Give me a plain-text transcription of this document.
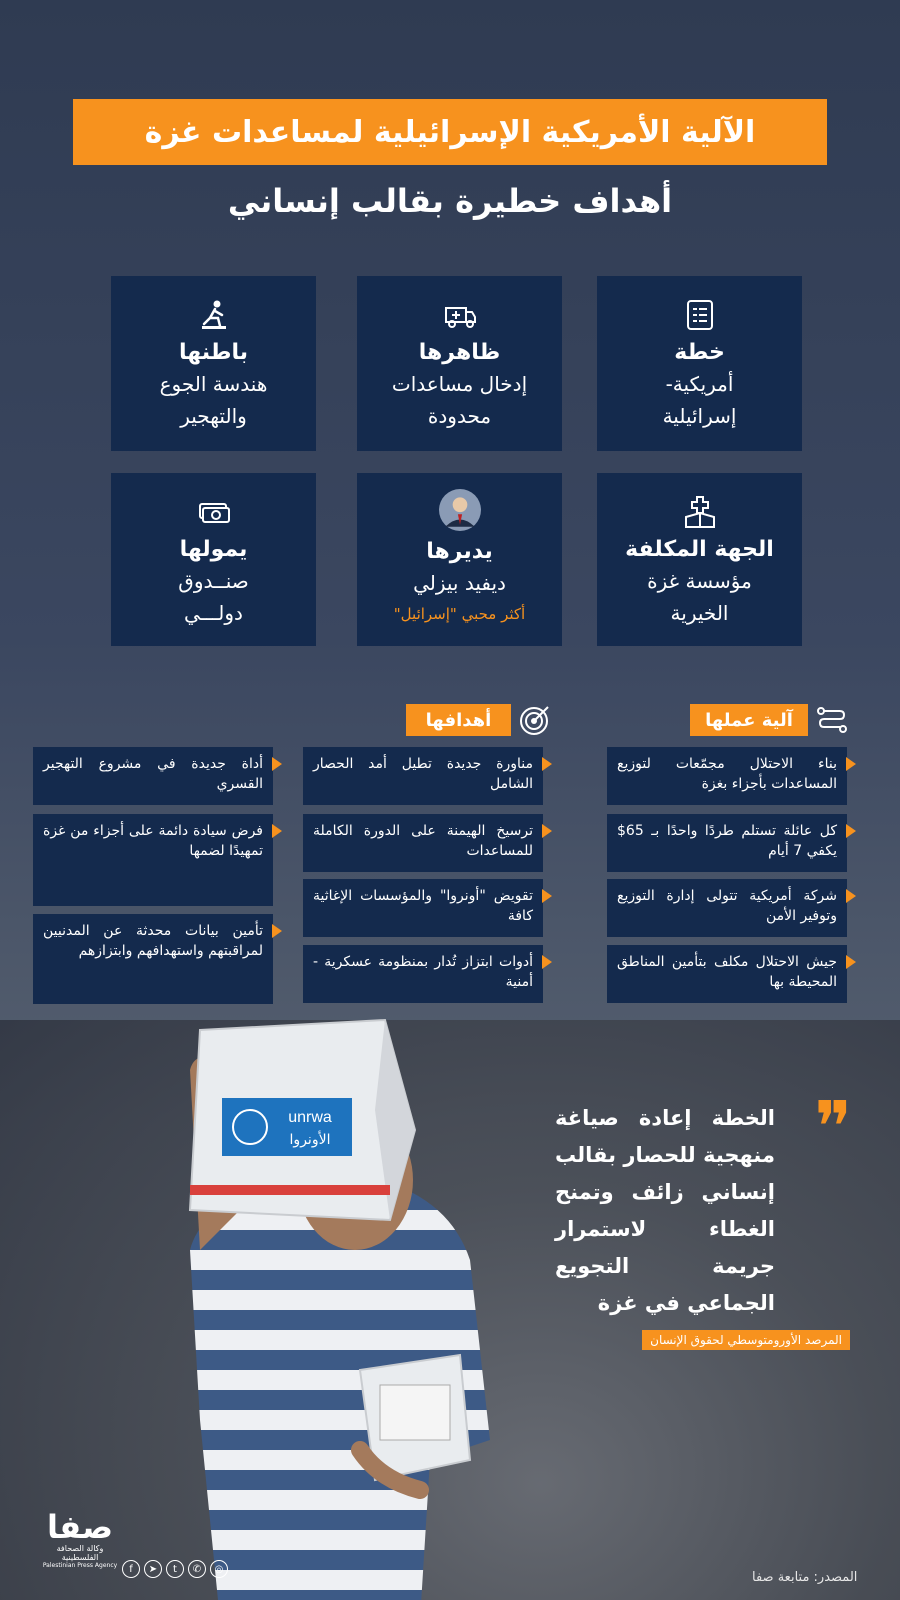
الآلية الأمريكية الإسرائيلية لمساعدات غزة
أهداف خطيرة بقالب إنساني
خطة
أمريكية-
إسرائيلية
ظاهرها
إدخال مساعدات
محدودة
باطنها
هندسة الجوع
والتهجير
الجهة المكلفة
مؤسسة غزة
الخيرية
يديرها
ديفيد بيزلي
أكثر محبي "إسرائيل"
يمولها
صنــدوق
دولـــي
آلية عملها
أهدافها
بناء الاحتلال مجمّعات لتوزيع المساعدات بأجزاء بغزة
كل عائلة تستلم طردًا واحدًا بـ 65$ يكفي 7 أيام
شركة أمريكية تتولى إدارة التوزيع وتوفير الأمن
جيش الاحتلال مكلف بتأمين المناطق المحيطة بها
مناورة جديدة تطيل أمد الحصار الشامل
ترسيخ الهيمنة على الدورة الكاملة للمساعدات
تقويض "أونروا" والمؤسسات الإغاثية كافة
أدوات ابتزاز تُدار بمنظومة عسكرية - أمنية
أداة جديدة في مشروع التهجير القسري
فرض سيادة دائمة على أجزاء من غزة تمهيدًا لضمها
تأمين بيانات محدثة عن المدنيين لمراقبتهم واستهدافهم وابتزازهم
unrwa
الأونروا	❞
الخطة إعادة صياغة منهجية للحصار بقالب إنساني زائف وتمنح الغطاء لاستمرار جريمة التجويع الجماعي في غزة
المرصد الأورومتوسطي لحقوق الإنسان
صفا
وكالة الصحافة الفلسطينية
Palestinian Press Agency	f	➤	t	✆	◎
المصدر: متابعة صفا
